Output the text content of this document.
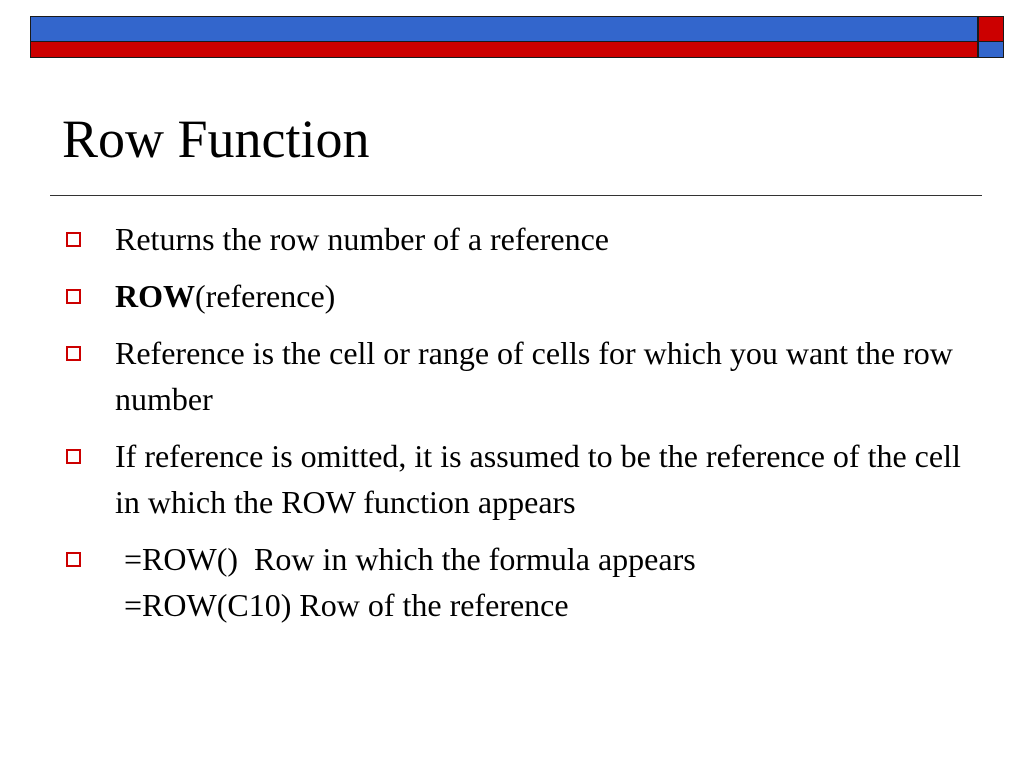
Row Function
Returns the row number of a reference
ROW(reference)
Reference is the cell or range of cells for which you want the row number
If reference is omitted, it is assumed to be the reference of the cell in which the ROW function appears
=ROW()  Row in which the formula appears
=ROW(C10) Row of the reference
